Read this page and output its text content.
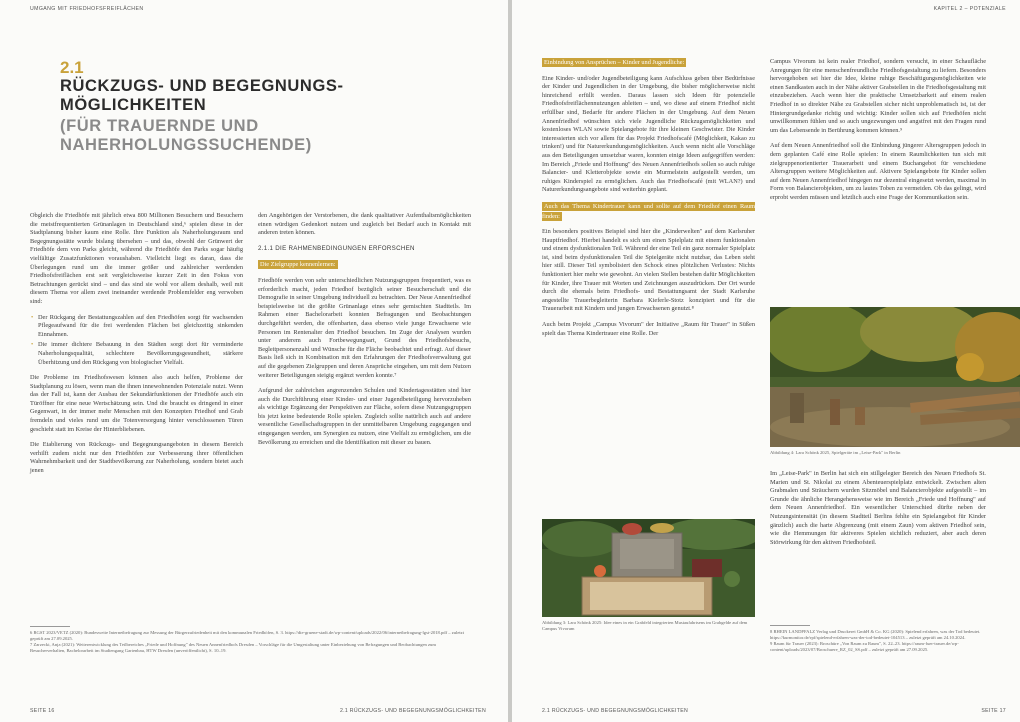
UMGANG MIT FRIEDHOFSFREIFLÄCHEN
2.1
RÜCKZUGS- UND BEGEGNUNGS-
MÖGLICHKEITEN
(FÜR TRAUERNDE UND
NAHERHOLUNGSSUCHENDE)

Obgleich die Friedhöfe mit jährlich etwa 800 Millionen Besuchern und Besuchern die meistfrequentierten Grünanlagen in Deutschland sind,⁶ spielen diese in der Stadtplanung bisher kaum eine Rolle. Ihre Funktion als Naherholungsraum und Begegnungsstätte wurde bislang übersehen – und das, obwohl der Grünwert der Friedhöfe dem von Parks gleicht, während die Friedhöfe den Parks sogar häufig vielfältige Zusatzfunktionen voraushaben. Vielleicht liegt es daran, dass die Überlegungen rund um die immer größer und zahlreicher werdenden Friedhofsfreiflächen erst seit vergleichsweise kurzer Zeit in den Fokus von Betrachtungen gerückt sind – und das sind sie wohl vor allem deshalb, weil mit diesem Thema vor allem zwei ineinander werdende Problemfelder eng verwoben sind:

• Der Rückgang der Bestattungszahlen auf den Friedhöfen sorgt für wachsenden Pflegeaufwand für die frei werdenden Flächen bei gleichzeitig sinkenden Einnahmen.
• Die immer dichtere Bebauung in den Städten sorgt dort für verminderte Naherholungsqualität, schlechtere Bevölkerungsgesundheit, stärkere Überhitzung und den Rückgang von biologischer Vielfalt.

Die Probleme im Friedhofswesen können also auch helfen, Probleme der Stadtplanung zu lösen, wenn man die ihnen innewohnenden Potenziale nutzt. Wenn das der Fall ist, kann der Ausbau der Sekundärfunktionen der Friedhöfe auch ein Türöffner für eine neue Wertschätzung sein. Und die braucht es dringend in einer Gegenwart, in der immer mehr Menschen mit den Konzepten Friedhof und Grab fremdeln und vieles rund um die Totenversorgung hinter verschlossenen Türen geschieht statt im Kreise der Hinterbliebenen.

Die Etablierung von Rückzugs- und Begegnungsangeboten in diesem Bereich verhilft zudem nicht nur den Friedhöfen zur Verbesserung ihrer öffentlichen Wahrnehmbarkeit und der Stadtbevölkerung zur Naherholung, sondern bietet auch jenen

den Angehörigen der Verstorbenen, die dank qualitativer Aufenthaltsmöglichkeiten einen würdigen Gedenkort nutzen und zugleich bei Bedarf auch in Kontakt mit anderen treten können.

2.1.1 DIE RAHMENBEDINGUNGEN ERFORSCHEN
Die Zielgruppe kennenlernen:

Friedhöfe werden von sehr unterschiedlichen Nutzungsgruppen frequentiert, was es erforderlich macht, jeden Friedhof bezüglich seiner Besucherschaft und die Demografie in seiner Umgebung individuell zu betrachten. Der Neue Annenfriedhof beispielsweise ist die größte Grünanlage eines sehr gemischten Stadtteils. Im Rahmen einer Bachelorarbeit konnten Befragungen und Beobachtungen durchgeführt werden, die offenbarten, dass ebenso viele junge Erwachsene wie Personen im Rentenalter den Friedhof besuchen. Im Zuge der Analysen wurden unter anderem auch Fortbewegungsart, Grund des Friedhofsbesuchs, Begleitpersonenzahl und Wünsche für die Fläche beobachtet und erfragt. Auf dieser Basis ließ sich in Kombination mit den Erfahrungen der Friedhofsverwaltung gut auf die gegebenen Zielgruppen und deren Ansprüche eingehen, um mit dem Nutzen weiterer Beteiligungen steigig ergänzt werden konnte.⁷

Aufgrund der zahlreichen angrenzenden Schulen und Kindertagesstätten sind hier auch die Durchführung einer Kinder- und einer Jugendbeteiligung hervorzuheben als wichtige Ergänzung der Perspektiven zur Fläche, sofern diese Nutzungsgruppen bis jetzt keine bedeutende Rolle spielen. Zugleich sollte natürlich auch auf andere wesentliche Gesellschaftsgruppen in der unmittelbaren Umgebung zugegangen und eingegangen werden, um Synergien zu nutzen, eine Vielfalt zu ermöglichen, um die Bevölkerung zu erreichen und die Identifikation mit dieser zu bauen.

6 RGST 2023/VETZ (2020): Bundesweite Internetbefragung zur Messung der Bürgerzufriedenheit mit den kommunalen Friedhöfen, S. 3. https://die-gruene-stadt.de/wp-content/uploads/2022/06/internetbefragung-lgst-2018.pdf – zuletzt geprüft am 27.09.2025.
7 Zarzecki, Anja (2021): Weiterentwicklung des Teilbereiches „Friede und Hoffnung" des Neuen Annenfriedhofs Dresden – Vorschläge für die Umgestaltung unter Einbeziehung von Befragungen und Beobachtungen zum Besucherverhalten, Bachelorarbeit im Studiengang Gartenbau, HTW Dresden (unveröffentlicht), S. 10–19.
SEITE 16	2.1 RÜCKZUGS- UND BEGEGNUNGSMÖGLICHKEITEN
KAPITEL 2 – POTENZIALE
Einbindung von Ansprüchen – Kinder und Jugendliche:

Eine Kinder- und/oder Jugendbeteiligung kann Aufschluss geben über Bedürfnisse der Kinder und Jugendlichen in der Umgebung, die bisher möglicherweise nicht hinreichend erfüllt werden. Daraus lassen sich Ideen für potenzielle Friedhofsfreiflächennutzungen ableiten – und, wo diese auf einem Friedhof nicht erfüllbar sind, Bedarfe für andere Flächen in der Umgebung. Auf dem Neuen Annenfriedhof wünschten sich viele Jugendliche Rückzugsmöglichkeiten und kostenloses WLAN sowie Spielangebote für ihre kleinen Geschwister. Die Kinder interessierten sich vor allem für das Projekt Friedhofscafé (Möglichkeit, Kakao zu trinken!) und für Naturerkundungsmöglichkeiten. Auch wenn nicht alle Vorschläge aus den Beteiligungen umsetzbar waren, konnten einige Ideen aufgegriffen werden: Im Bereich „Friede und Hoffnung" des Neuen Annenfriedhofs sollen so auch ruhige Balancier- und Kletterobjekte sowie ein Murmelstein aufgestellt werden, um ruhiges Kinderspiel zu ermöglichen. Auch das Friedhofscafé (mit WLAN?) und Naturerkundungsangebote sind weiterhin geplant.

Auch das Thema Kindertrauer kann und sollte auf dem Friedhof einen Raum finden:

Ein besonders positives Beispiel sind hier die „Kinderwelten" auf dem Karlsruher Hauptfriedhof. Hierbei handelt es sich um einen Spielplatz mit einem funktionalen und einem dysfunktionalen Teil. Während der eine Teil ein ganz normaler Spielplatz ist, sind beim dysfunktionalen Teil die Spielgeräte nicht nutzbar, das Leben steht hier still. Dieser Teil symbolisiert den Schock eines plötzlichen Verlustes: Nichts funktioniert hier mehr wie gewohnt. An vielen Stellen bestehen dafür Möglichkeiten für Kinder, ihre Trauer mit Worten und Zeichnungen auszudrücken. Der Ort wurde durch die ehemals beim Friedhofs- und Bestattungsamt der Stadt Karlsruhe angestellte Trauerbegleiterin Barbara Kieferle-Stotz konzipiert und für die Trauerarbeit mit Kindern und jungen Erwachsenen genutzt.⁸

Auch beim Projekt „Campus Vivorum" der Initiative „Raum für Trauer" in Süßen spielt das Thema Kindertrauer eine Rolle. Der

Abbildung 3: Lara Schönk 2025: Idee eines in ein Grabfeld integrierten Mustaufahrtsens im Grabgelde auf dem Campus Vivorum

Campus Vivorum ist kein realer Friedhof, sondern versucht, in einer Schaufläche Anregungen für eine menschenfreundliche Friedhofsgestaltung zu liefern. Besonders hervorgehoben sei hier die Idee, kleine ruhige Beschäftigungsmöglichkeiten wie einen Sandkasten auch in der Nähe aktiver Grabstellen in die Friedhofsgestaltung mit einzubeziehen. Auch wenn hier die praktische Umsetzbarkeit auf einem realen Friedhof in so direkter Nähe zu Grabstellen sicher nicht unproblematisch ist, ist der Hintergrundgedanke richtig und wichtig: Kinder sollen sich auf Friedhöfen nicht unwillkommen fühlen und so auch ungezwungen und angstfrei mit den Fragen rund um das Lebensende in Berührung kommen können.⁹

Auf dem Neuen Annenfriedhof soll die Einbindung jüngerer Altersgruppen jedoch in dem geplanten Café eine Rolle spielen: In einem Raumlichkeiten tun sich mit zielgruppenorientierter Trauerarbeit und einem Buchangebot für verschiedene Altersgruppen weitere Möglichkeiten auf. Aktivere Spielangebote für Kinder sollen auf dem Neuen Annenfriedhof hingegen nur dezentral eingesetzt werden, maximal in Form von Balancierobjekten, um zu lautes Toben zu vermeiden. Ob das gelingt, wird erprobt werden müssen und letztlich auch eine Frage der Kommunikation sein.

Abbildung 4: Lara Schönk 2025, Spielgeräte im „Leise-Park" in Berlin

Im „Leise-Park" in Berlin hat sich ein stillgelegter Bereich des Neuen Friedhofs St. Marien und St. Nikolai zu einem Abenteuerspielplatz entwickelt. Zwischen alten Grabmalen und Sträuchern wurden Sitzmöbel und Balancierobjekte aufgestellt – im Grunde die ähnliche Herangehensweise wie im Bereich „Friede und Hoffnung" auf dem Neuen Annenfriedhof. Ein wesentlicher Unterschied dürfte neben der Nutzungsintensität (in diesem Stadtteil Berlins fehlte ein Spielangebot für Kinder gänzlich) auch die harte Abgrenzung (mit einem Zaun) vom aktiven Friedhof sein, wie die Hemmungen für aktiveres Spielen sichtlich reduziert, aber auch deren Störwirkung für den aktiven Friedhofsteil.

8 RHEIN LANDPFALZ Verlag und Druckerei GmbH & Co. KG (2020): Spielend erfahren, was der Tod bedeutet. https://kurmonitor.de/rpf/spielend-erfahren-was-der-tod-bedeutet-104513 – zuletzt geprüft am 24.10.2024.
9 Raum für Trauer (2023): Broschüre „Von Raum zu Raum", S. 22–23. https://raum-fuer-trauer.de/wp-content/uploads/2023/07/Broschuere_RZ_02_SS.pdf – zuletzt geprüft am 27.09.2025.
2.1 RÜCKZUGS- UND BEGEGNUNGSMÖGLICHKEITEN	SEITE 17
